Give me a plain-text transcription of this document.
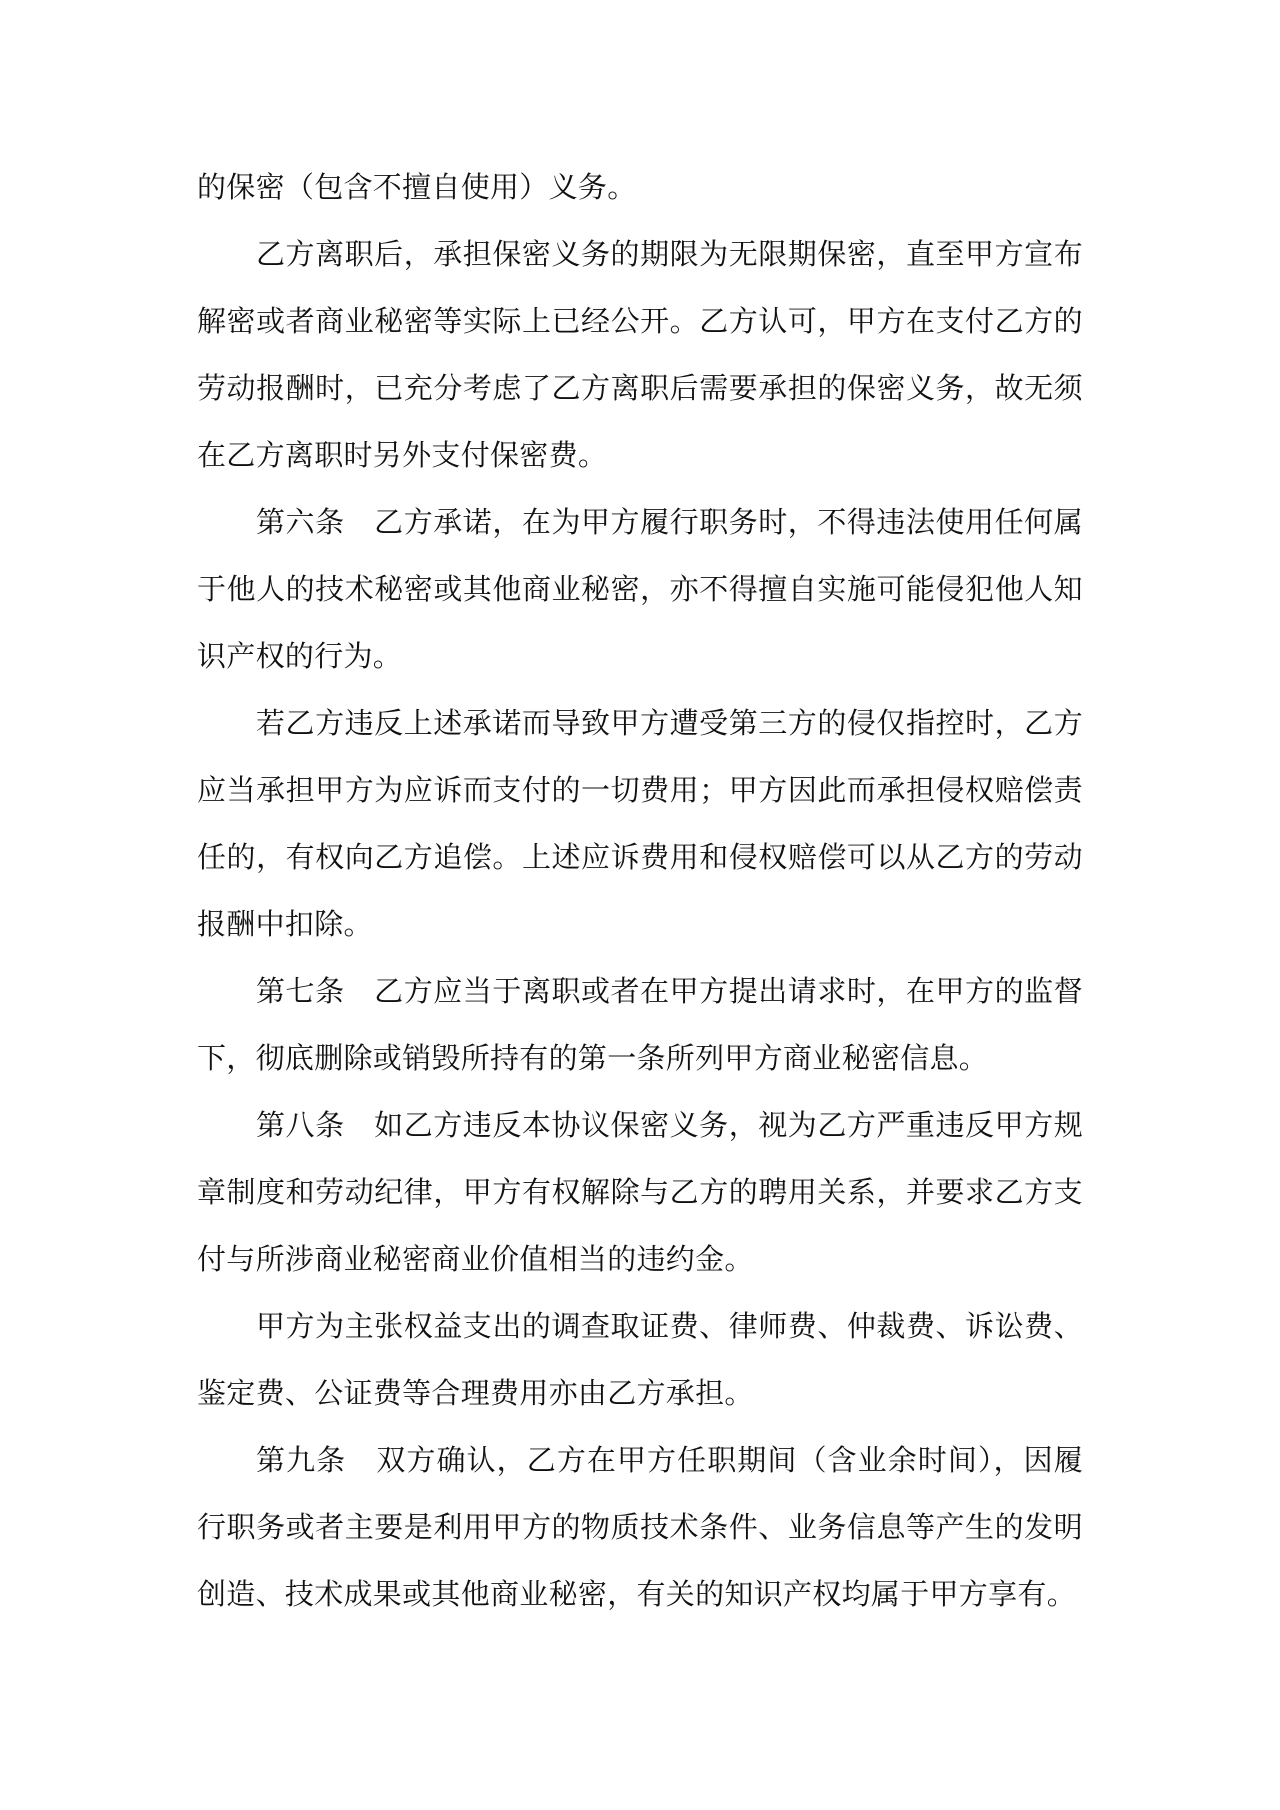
的保密（包含不擅自使用）义务。

乙方离职后，承担保密义务的期限为无限期保密，直至甲方宣布解密或者商业秘密等实际上已经公开。乙方认可，甲方在支付乙方的劳动报酬时，已充分考虑了乙方离职后需要承担的保密义务，故无须在乙方离职时另外支付保密费。

第六条　乙方承诺，在为甲方履行职务时，不得违法使用任何属于他人的技术秘密或其他商业秘密，亦不得擅自实施可能侵犯他人知识产权的行为。

若乙方违反上述承诺而导致甲方遭受第三方的侵仅指控时，乙方应当承担甲方为应诉而支付的一切费用；甲方因此而承担侵权赔偿责任的，有权向乙方追偿。上述应诉费用和侵权赔偿可以从乙方的劳动报酬中扣除。

第七条　乙方应当于离职或者在甲方提出请求时，在甲方的监督下，彻底删除或销毁所持有的第一条所列甲方商业秘密信息。

第八条　如乙方违反本协议保密义务，视为乙方严重违反甲方规章制度和劳动纪律，甲方有权解除与乙方的聘用关系，并要求乙方支付与所涉商业秘密商业价值相当的违约金。

甲方为主张权益支出的调查取证费、律师费、仲裁费、诉讼费、鉴定费、公证费等合理费用亦由乙方承担。

第九条　双方确认，乙方在甲方任职期间（含业余时间），因履行职务或者主要是利用甲方的物质技术条件、业务信息等产生的发明创造、技术成果或其他商业秘密，有关的知识产权均属于甲方享有。
